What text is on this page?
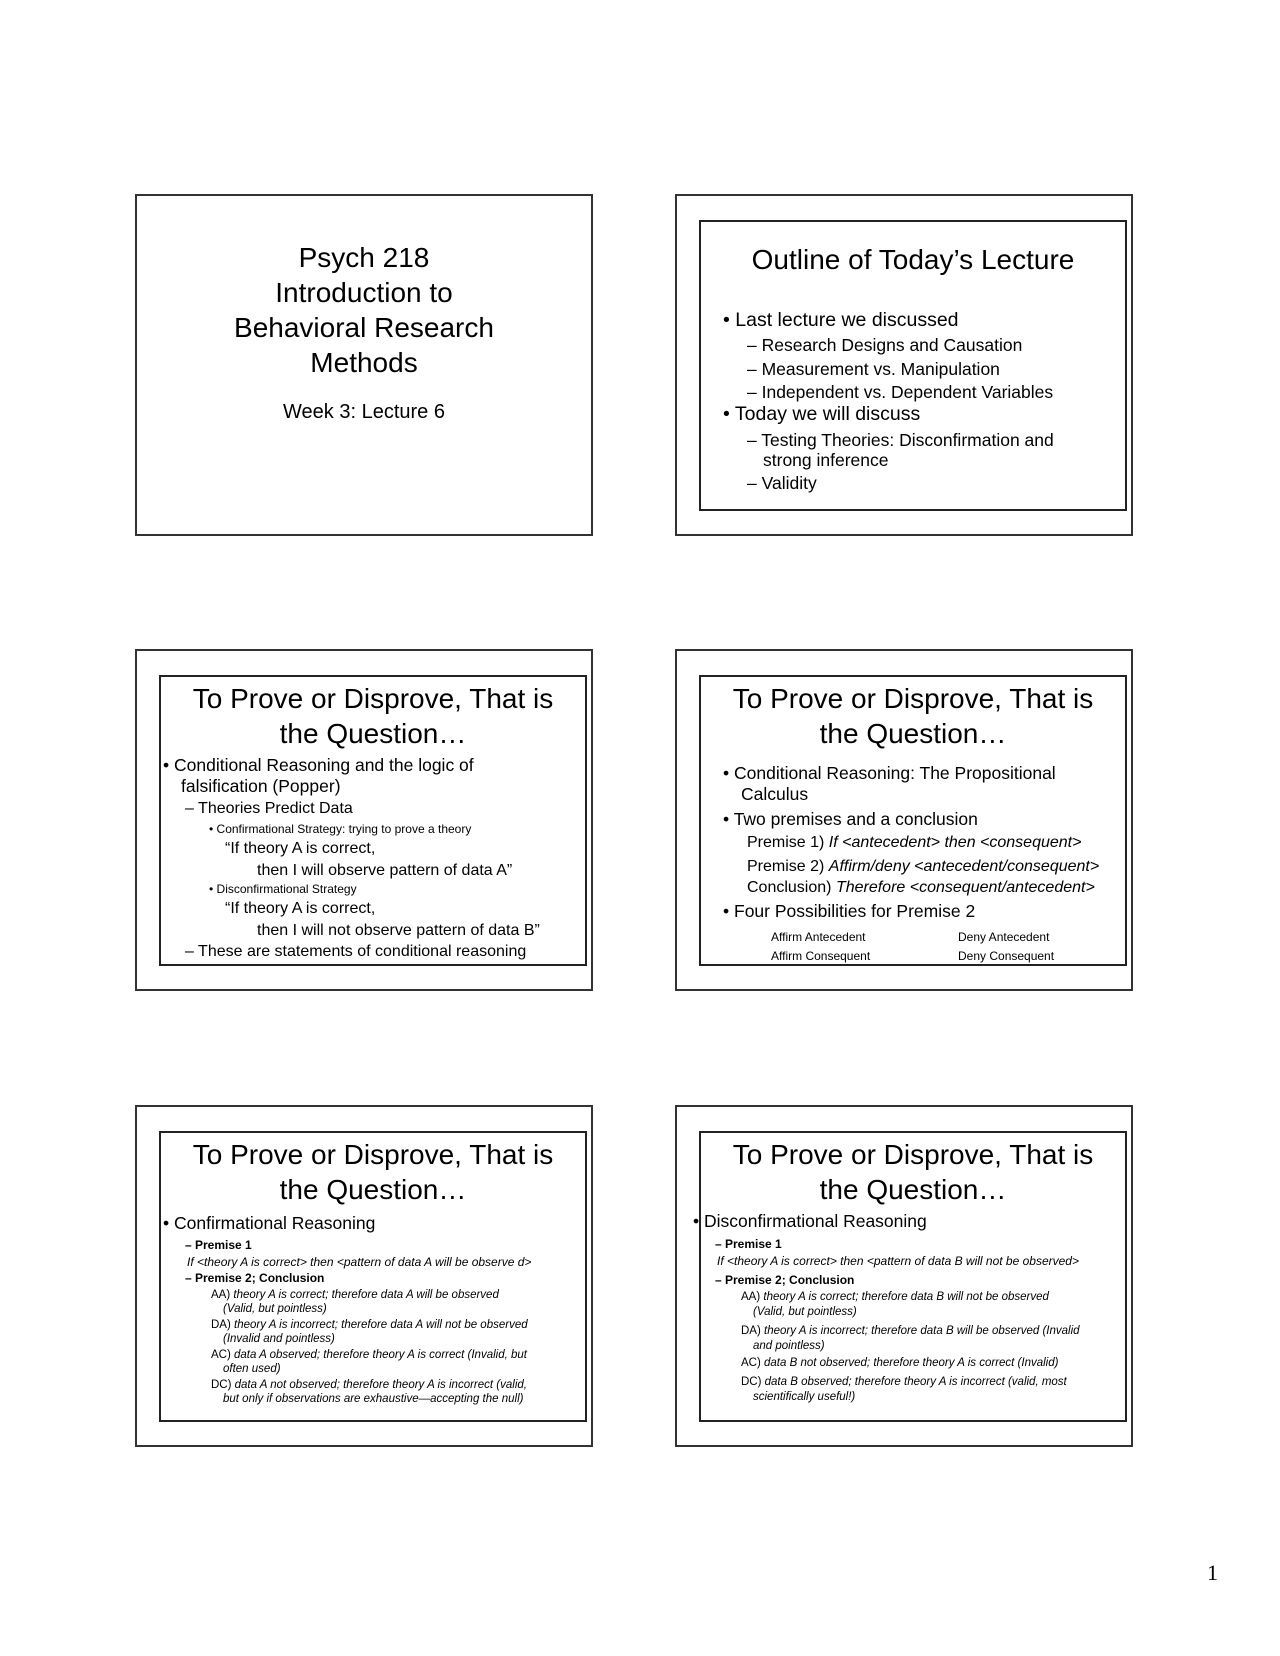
Psych 218
Introduction to
Behavioral Research
Methods
Week 3: Lecture 6
Outline of Today’s Lecture
• Last lecture we discussed
– Research Designs and Causation
– Measurement vs. Manipulation
– Independent vs. Dependent Variables
• Today we will discuss
– Testing Theories: Disconfirmation and
strong inference
– Validity
To Prove or Disprove, That is
the Question…
• Conditional Reasoning and the logic of
falsification (Popper)
– Theories Predict Data
• Confirmational Strategy: trying to prove a theory
“If theory A is correct,
then I will observe pattern of data A”
• Disconfirmational Strategy
“If theory A is correct,
then I will not observe pattern of data B”
– These are statements of conditional reasoning
To Prove or Disprove, That is
the Question…
• Conditional Reasoning: The Propositional
Calculus
• Two premises and a conclusion
Premise 1) If <antecedent> then <consequent>
Premise 2) Affirm/deny <antecedent/consequent>
Conclusion) Therefore <consequent/antecedent>
• Four Possibilities for Premise 2
Affirm Antecedent	Deny Antecedent
Affirm Consequent	Deny Consequent
To Prove or Disprove, That is
the Question…
• Confirmational Reasoning
– Premise 1
If <theory A is correct> then <pattern of data A will be observe d>
– Premise 2; Conclusion
AA) theory A is correct; therefore data A will be observed
(Valid, but pointless)
DA) theory A is incorrect; therefore data A will not be observed
(Invalid and pointless)
AC) data A observed; therefore theory A is correct (Invalid, but
often used)
DC) data A not observed; therefore theory A is incorrect (valid,
but only if observations are exhaustive—accepting the null)
To Prove or Disprove, That is
the Question…
• Disconfirmational Reasoning
– Premise 1
If <theory A is correct> then <pattern of data B will not be observed>
– Premise 2; Conclusion
AA) theory A is correct; therefore data B will not be observed
(Valid, but pointless)
DA) theory A is incorrect; therefore data B will be observed (Invalid
and pointless)
AC) data B not observed; therefore theory A is correct (Invalid)
DC) data B observed; therefore theory A is incorrect (valid, most
scientifically useful!)
1
